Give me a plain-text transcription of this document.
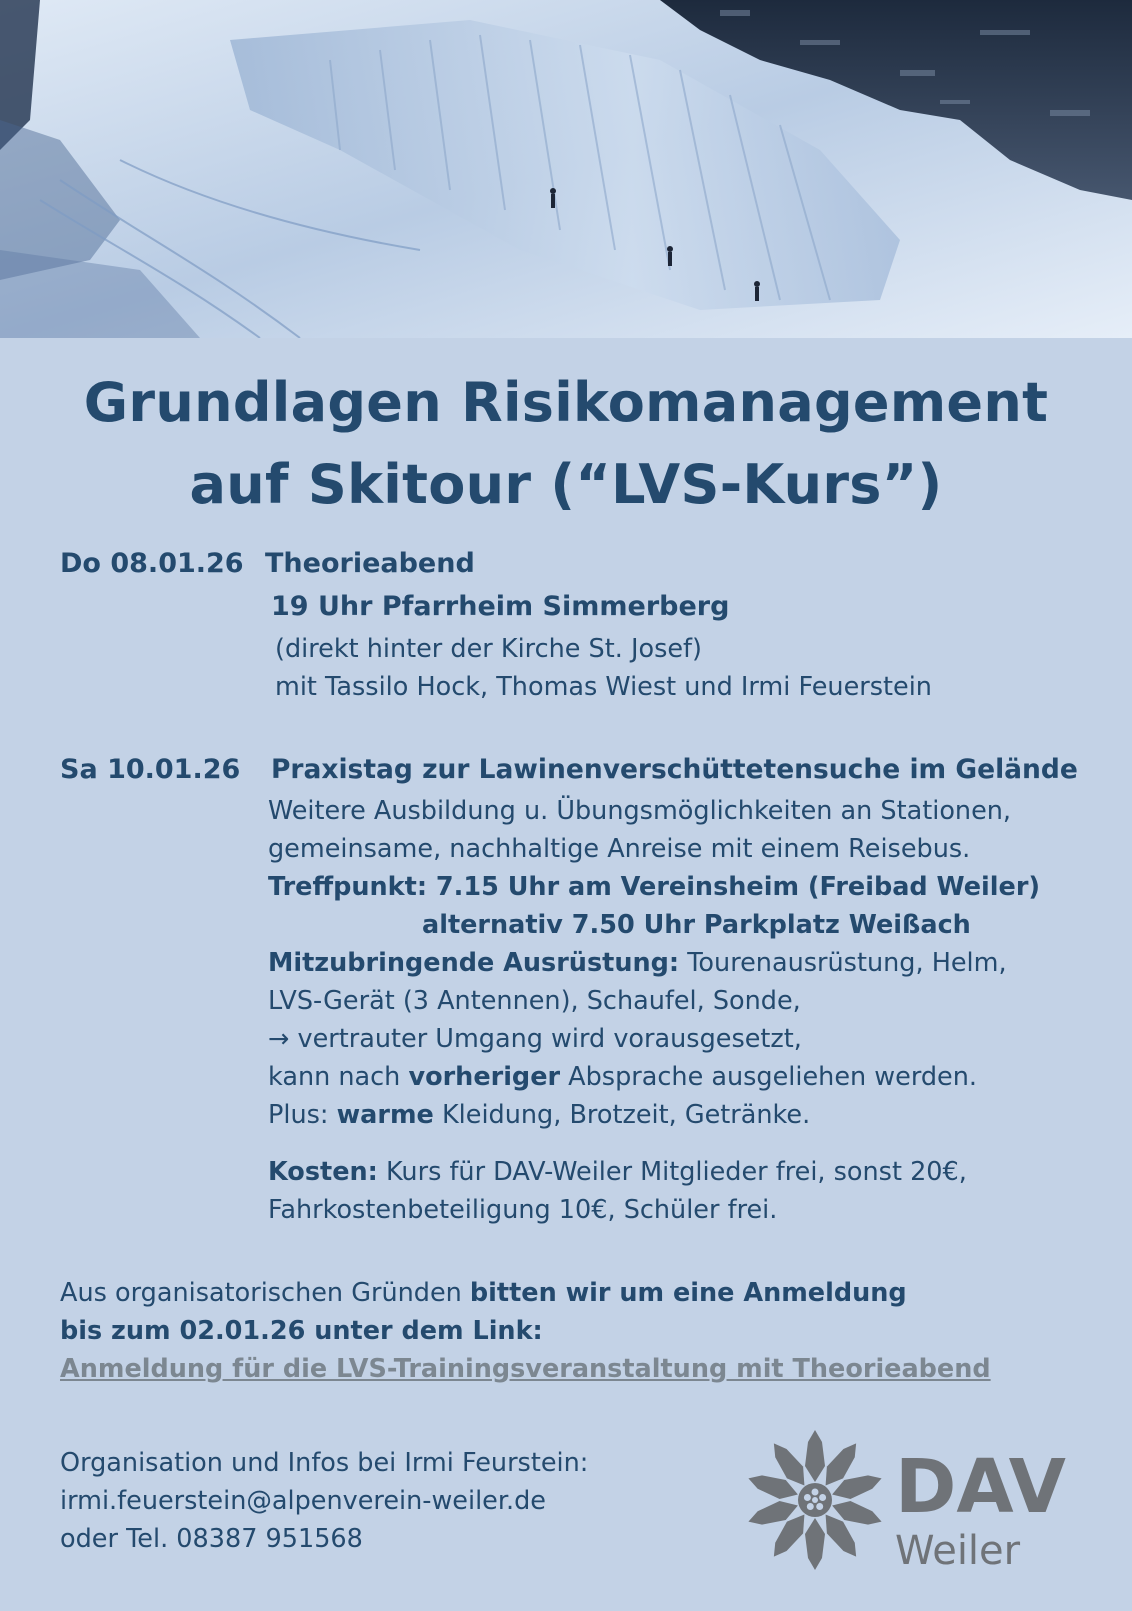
Grundlagen Risikomanagement
auf Skitour (“LVS-Kurs”)
Do 08.01.26 Theorieabend
19 Uhr Pfarrheim Simmerberg
(direkt hinter der Kirche St. Josef)
mit Tassilo Hock, Thomas Wiest und Irmi Feuerstein
Sa 10.01.26 Praxistag zur Lawinenverschüttetensuche im Gelände
Weitere Ausbildung u. Übungsmöglichkeiten an Stationen,
gemeinsame, nachhaltige Anreise mit einem Reisebus.
Treffpunkt: 7.15 Uhr am Vereinsheim (Freibad Weiler)
alternativ 7.50 Uhr Parkplatz Weißach
Mitzubringende Ausrüstung: Tourenausrüstung, Helm,
LVS-Gerät (3 Antennen), Schaufel, Sonde,
→ vertrauter Umgang wird vorausgesetzt,
kann nach vorheriger Absprache ausgeliehen werden.
Plus: warme Kleidung, Brotzeit, Getränke.
Kosten: Kurs für DAV-Weiler Mitglieder frei, sonst 20€,
Fahrkostenbeteiligung 10€, Schüler frei.
Aus organisatorischen Gründen bitten wir um eine Anmeldung
bis zum 02.01.26 unter dem Link:
Anmeldung für die LVS-Trainingsveranstaltung mit Theorieabend
Organisation und Infos bei Irmi Feurstein:
irmi.feuerstein@alpenverein-weiler.de
oder Tel. 08387 951568
DAV
Weiler
